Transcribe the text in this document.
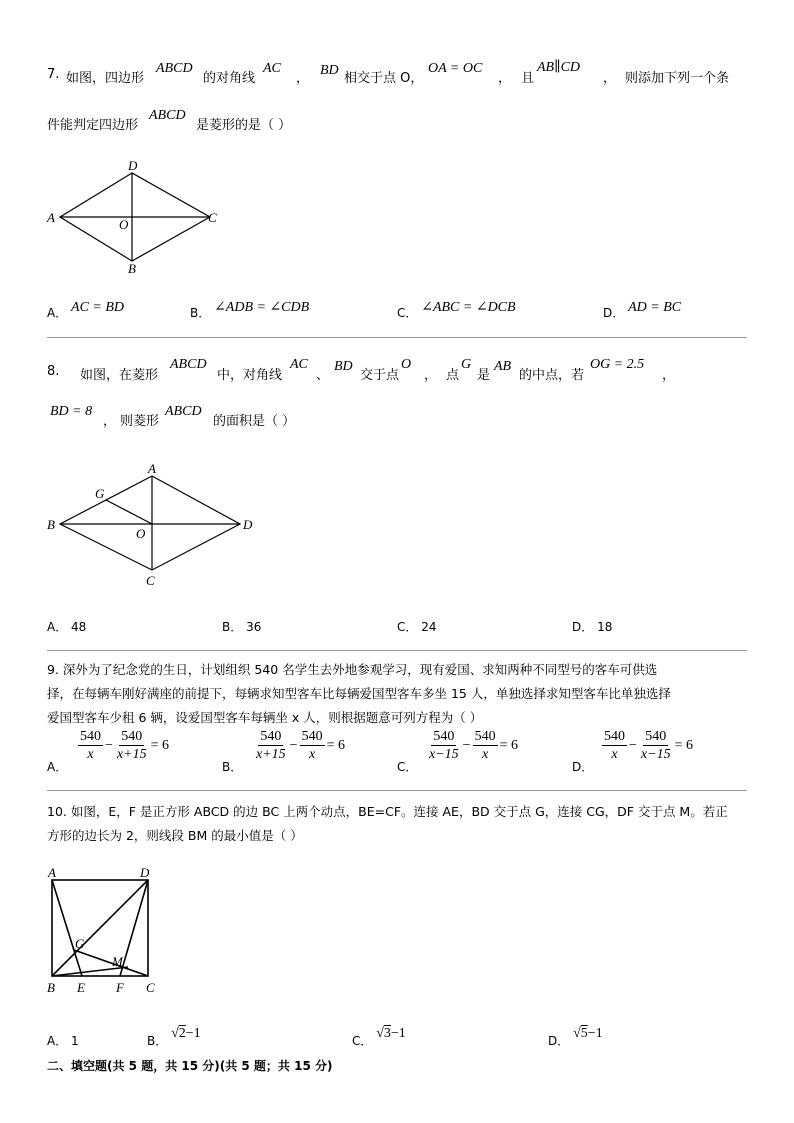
7. 如图，四边形
ABCD
的对角线
AC
，
BD
相交于点 O，
OA = OC
， 且
AB∥CD
， 则添加下列一个条
件能判定四边形
ABCD
是菱形的是（ ）
D
A	O	C
B
A． AC = BD	B． ∠ADB = ∠CDB	C． ∠ABC = ∠DCB	D． AD = BC
8. 如图，在菱形
ABCD
中，对角线
AC
、
BD
交于点
O
， 点
G
是
AB
的中点，若
OG = 2.5
，
BD = 8
， 则菱形
ABCD
的面积是（ ）
A
G
B
O
D
C
A． 48	B． 36	C． 24	D． 18
9. 深外为了纪念党的生日，计划组织 540 名学生去外地参观学习，现有爱国、求知两种不同型号的客车可供选
择，在每辆车刚好满座的前提下，每辆求知型客车比每辆爱国型客车多坐 15 人，单独选择求知型客车比单独选择
爱国型客车少租 6 辆，设爱国型客车每辆坐 x 人，则根据题意可列方程为（ ）
A．
$\frac{540}{x} - \frac{540}{x+15} = 6$
B．
$\frac{540}{x+15} - \frac{540}{x} = 6$
C．
$\frac{540}{x-15} - \frac{540}{x} = 6$
D．
$\frac{540}{x} - \frac{540}{x-15} = 6$
10. 如图，E，F 是正方形 ABCD 的边 BC 上两个动点，BE=CF。连接 AE，BD 交于点 G，连接 CG，DF 交于点 M。若正
方形的边长为 2，则线段 BM 的最小值是（ ）
A	D
G
M
B E F C
A． 1	B． √2−1	C． √3−1	D． √5−1
二、填空题(共 5 题，共 15 分)(共 5 题；共 15 分)
